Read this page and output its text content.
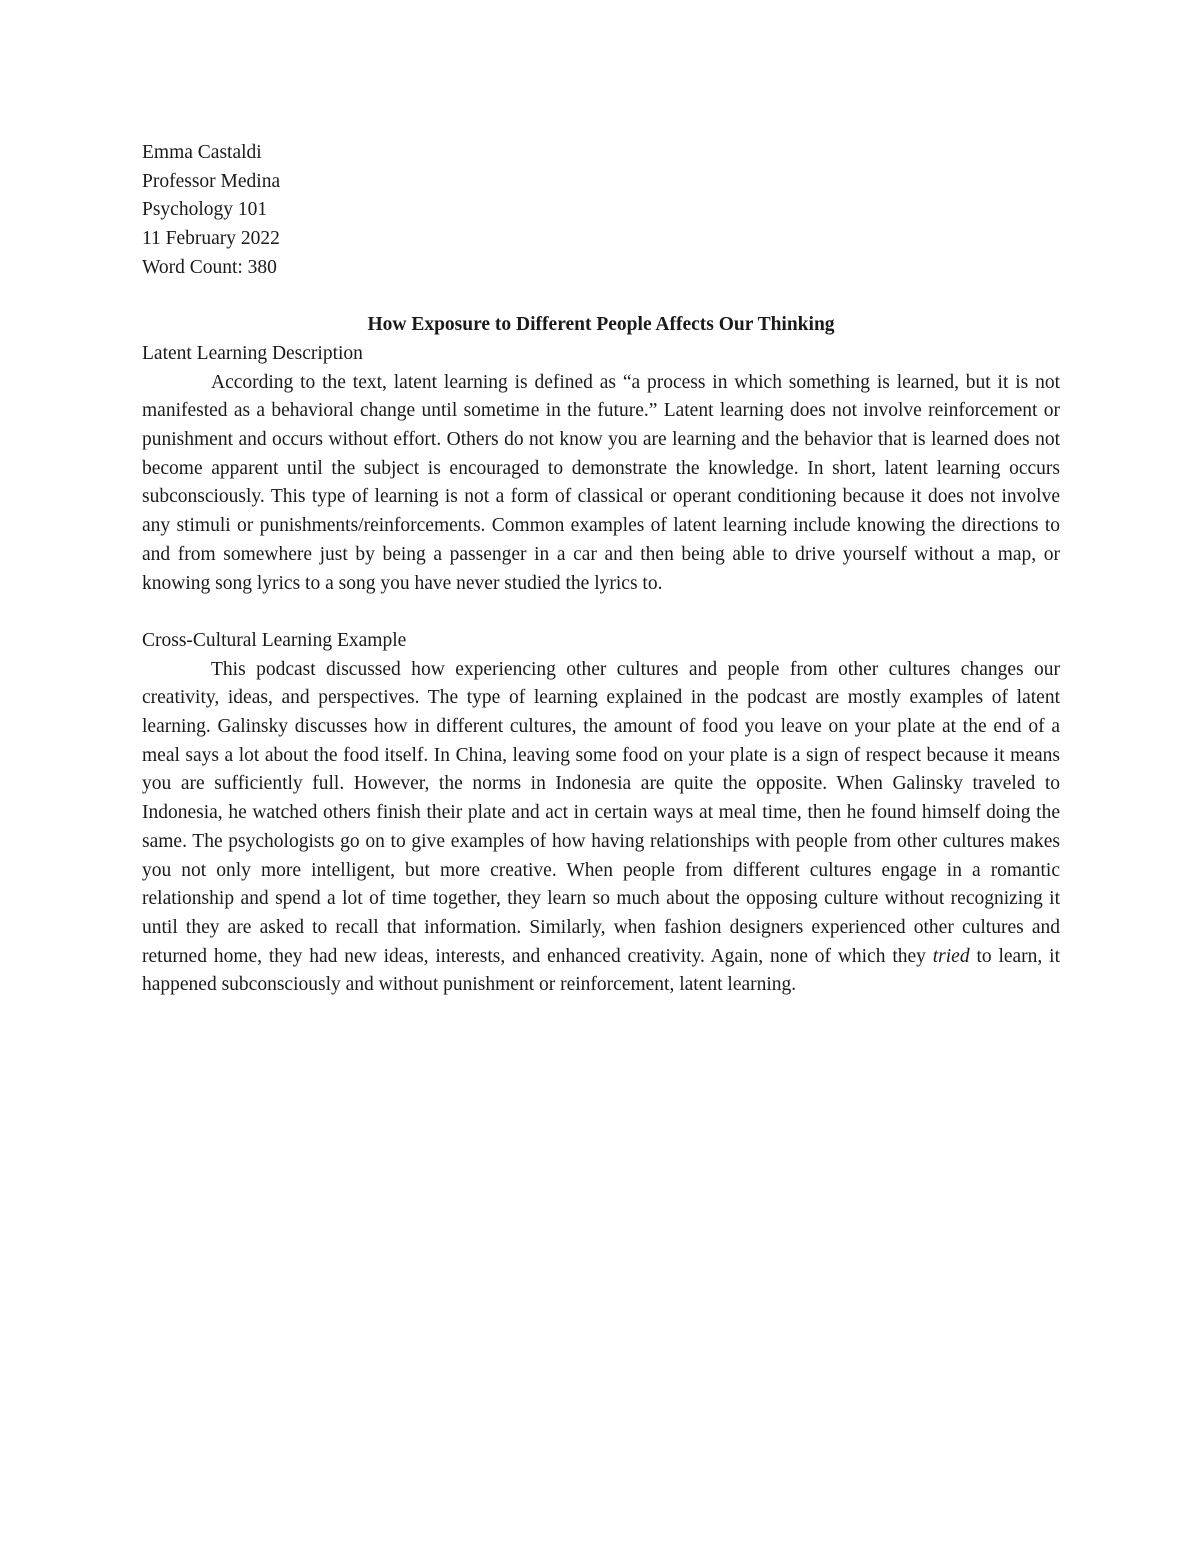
Emma Castaldi
Professor Medina
Psychology 101
11 February 2022
Word Count: 380
How Exposure to Different People Affects Our Thinking
Latent Learning Description

According to the text, latent learning is defined as “a process in which something is learned, but it is not manifested as a behavioral change until sometime in the future.” Latent learning does not involve reinforcement or punishment and occurs without effort. Others do not know you are learning and the behavior that is learned does not become apparent until the subject is encouraged to demonstrate the knowledge. In short, latent learning occurs subconsciously. This type of learning is not a form of classical or operant conditioning because it does not involve any stimuli or punishments/reinforcements. Common examples of latent learning include knowing the directions to and from somewhere just by being a passenger in a car and then being able to drive yourself without a map, or knowing song lyrics to a song you have never studied the lyrics to.

Cross-Cultural Learning Example

This podcast discussed how experiencing other cultures and people from other cultures changes our creativity, ideas, and perspectives. The type of learning explained in the podcast are mostly examples of latent learning. Galinsky discusses how in different cultures, the amount of food you leave on your plate at the end of a meal says a lot about the food itself. In China, leaving some food on your plate is a sign of respect because it means you are sufficiently full. However, the norms in Indonesia are quite the opposite. When Galinsky traveled to Indonesia, he watched others finish their plate and act in certain ways at meal time, then he found himself doing the same. The psychologists go on to give examples of how having relationships with people from other cultures makes you not only more intelligent, but more creative. When people from different cultures engage in a romantic relationship and spend a lot of time together, they learn so much about the opposing culture without recognizing it until they are asked to recall that information. Similarly, when fashion designers experienced other cultures and returned home, they had new ideas, interests, and enhanced creativity. Again, none of which they tried to learn, it happened subconsciously and without punishment or reinforcement, latent learning.
